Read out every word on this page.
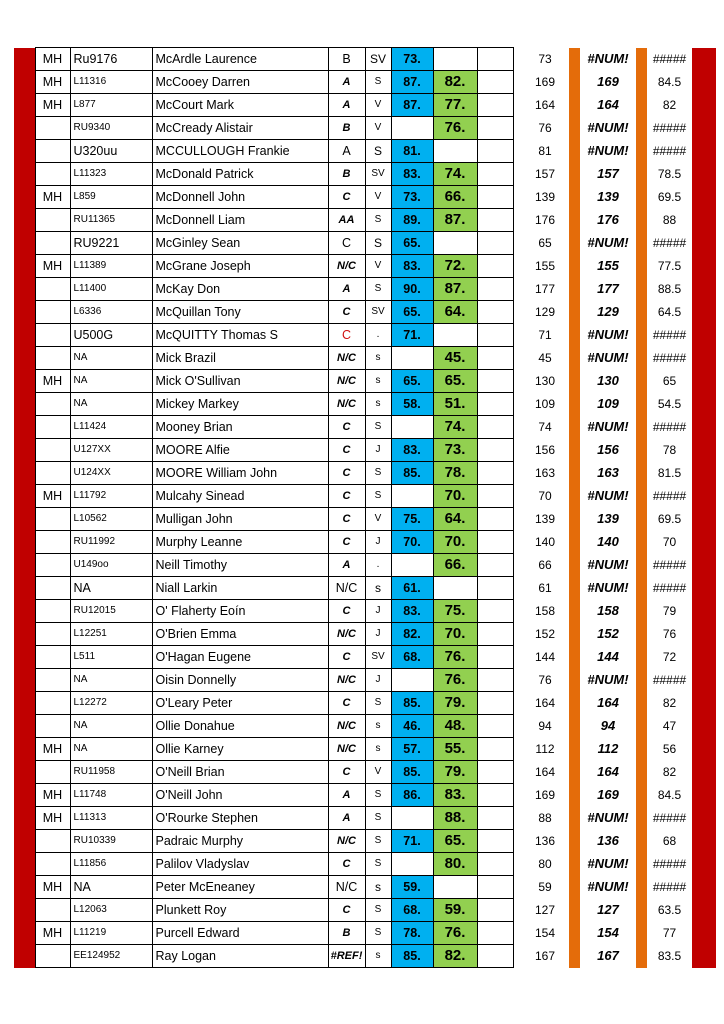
	MH	Ru9176	McArdle Laurence	B	SV	73.				73		#NUM!		#####	
	MH	L11316	McCooey Darren	A	S	87.	82.			169		169		84.5	
	MH	L877	McCourt Mark	A	V	87.	77.			164		164		82	
		RU9340	McCready Alistair	B	V		76.			76		#NUM!		#####	
		U320uu	MCCULLOUGH Frankie	A	S	81.				81		#NUM!		#####	
		L11323	McDonald Patrick	B	SV	83.	74.			157		157		78.5	
	MH	L859	McDonnell John	C	V	73.	66.			139		139		69.5	
		RU11365	McDonnell Liam	AA	S	89.	87.			176		176		88	
		RU9221	McGinley Sean	C	S	65.				65		#NUM!		#####	
	MH	L11389	McGrane Joseph	N/C	V	83.	72.			155		155		77.5	
		L11400	McKay Don	A	S	90.	87.			177		177		88.5	
		L6336	McQuillan Tony	C	SV	65.	64.			129		129		64.5	
		U500G	McQUITTY Thomas S	C	.	71.				71		#NUM!		#####	
		NA	Mick Brazil	N/C	s		45.			45		#NUM!		#####	
	MH	NA	Mick O'Sullivan	N/C	s	65.	65.			130		130		65	
		NA	Mickey Markey	N/C	s	58.	51.			109		109		54.5	
		L11424	Mooney Brian	C	S		74.			74		#NUM!		#####	
		U127XX	MOORE Alfie	C	J	83.	73.			156		156		78	
		U124XX	MOORE William John	C	S	85.	78.			163		163		81.5	
	MH	L11792	Mulcahy Sinead	C	S		70.			70		#NUM!		#####	
		L10562	Mulligan John	C	V	75.	64.			139		139		69.5	
		RU11992	Murphy Leanne	C	J	70.	70.			140		140		70	
		U149oo	Neill Timothy	A	.		66.			66		#NUM!		#####	
		NA	Niall Larkin	N/C	s	61.				61		#NUM!		#####	
		RU12015	O' Flaherty Eoín	C	J	83.	75.			158		158		79	
		L12251	O'Brien Emma	N/C	J	82.	70.			152		152		76	
		L511	O'Hagan Eugene	C	SV	68.	76.			144		144		72	
		NA	Oisin Donnelly	N/C	J		76.			76		#NUM!		#####	
		L12272	O'Leary Peter	C	S	85.	79.			164		164		82	
		NA	Ollie Donahue	N/C	s	46.	48.			94		94		47	
	MH	NA	Ollie Karney	N/C	s	57.	55.			112		112		56	
		RU11958	O'Neill Brian	C	V	85.	79.			164		164		82	
	MH	L11748	O'Neill John	A	S	86.	83.			169		169		84.5	
	MH	L11313	O'Rourke Stephen	A	S		88.			88		#NUM!		#####	
		RU10339	Padraic Murphy	N/C	S	71.	65.			136		136		68	
		L11856	Palilov Vladyslav	C	S		80.			80		#NUM!		#####	
	MH	NA	Peter McEneaney	N/C	s	59.				59		#NUM!		#####	
		L12063	Plunkett Roy	C	S	68.	59.			127		127		63.5	
	MH	L11219	Purcell Edward	B	S	78.	76.			154		154		77	
		EE124952	Ray Logan	#REF!	s	85.	82.			167		167		83.5	
